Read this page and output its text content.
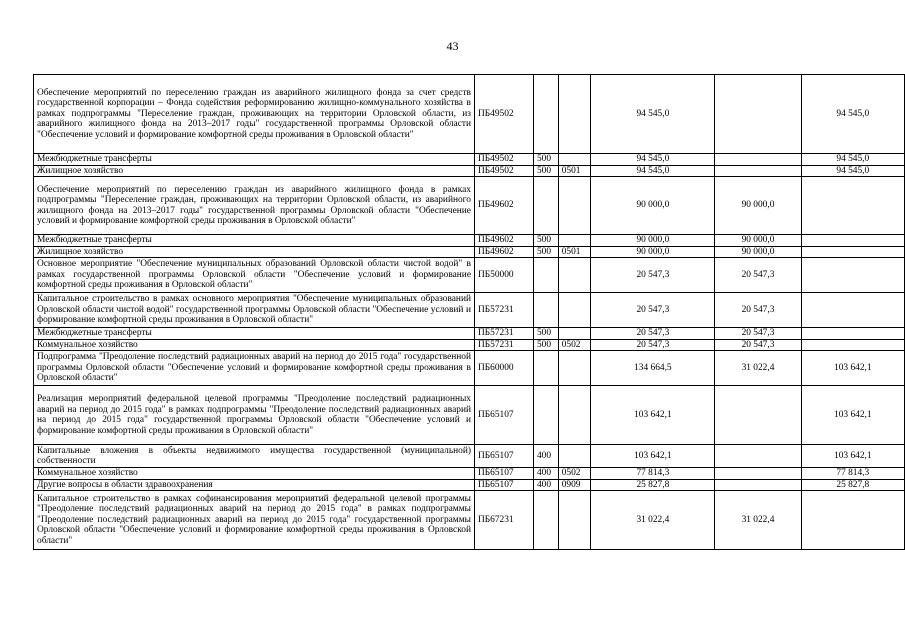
43
Обеспечение мероприятий по переселению граждан из аварийного жилищного фонда за счет средств государственной корпорации – Фонда содействия реформированию жилищно-коммунального хозяйства в рамках подпрограммы "Переселение граждан, проживающих на территории Орловской области, из аварийного жилищного фонда на 2013–2017 годы" государственной программы Орловской области "Обеспечение условий и формирование комфортной среды проживания в Орловской области"	ПБ49502			94 545,0		94 545,0
Межбюджетные трансферты	ПБ49502	500		94 545,0		94 545,0
Жилищное хозяйство	ПБ49502	500	0501	94 545,0		94 545,0
Обеспечение мероприятий по переселению граждан из аварийного жилищного фонда в рамках подпрограммы "Переселение граждан, проживающих на территории Орловской области, из аварийного жилищного фонда на 2013–2017 годы" государственной программы Орловской области "Обеспечение условий и формирование комфортной среды проживания в Орловской области"	ПБ49602			90 000,0	90 000,0	
Межбюджетные трансферты	ПБ49602	500		90 000,0	90 000,0	
Жилищное хозяйство	ПБ49602	500	0501	90 000,0	90 000,0	
Основное мероприятие "Обеспечение муниципальных образований Орловской области чистой водой" в рамках государственной программы Орловской области "Обеспечение условий и формирование комфортной среды проживания в Орловской области"	ПБ50000			20 547,3	20 547,3	
Капитальное строительство в рамках основного мероприятия "Обеспечение муниципальных образований Орловской области чистой водой" государственной программы Орловской области "Обеспечение условий и формирование комфортной среды проживания в Орловской области"	ПБ57231			20 547,3	20 547,3	
Межбюджетные трансферты	ПБ57231	500		20 547,3	20 547,3	
Коммунальное хозяйство	ПБ57231	500	0502	20 547,3	20 547,3	
Подпрограмма "Преодоление последствий радиационных аварий на период до 2015 года" государственной программы Орловской области "Обеспечение условий и формирование комфортной среды проживания в Орловской области"	ПБ60000			134 664,5	31 022,4	103 642,1
Реализация мероприятий федеральной целевой программы "Преодоление последствий радиационных аварий на период до 2015 года" в рамках подпрограммы "Преодоление последствий радиационных аварий на период до 2015 года" государственной программы Орловской области "Обеспечение условий и формирование комфортной среды проживания в Орловской области"	ПБ65107			103 642,1		103 642,1
Капитальные вложения в объекты недвижимого имущества государственной (муниципальной) собственности	ПБ65107	400		103 642,1		103 642,1
Коммунальное хозяйство	ПБ65107	400	0502	77 814,3		77 814,3
Другие вопросы в области здравоохранения	ПБ65107	400	0909	25 827,8		25 827,8
Капитальное строительство в рамках софинансирования мероприятий федеральной целевой программы "Преодоление последствий радиационных аварий на период до 2015 года" в рамках подпрограммы "Преодоление последствий радиационных аварий на период до 2015 года" государственной программы Орловской области "Обеспечение условий и формирование комфортной среды проживания в Орловской области"	ПБ67231			31 022,4	31 022,4	
